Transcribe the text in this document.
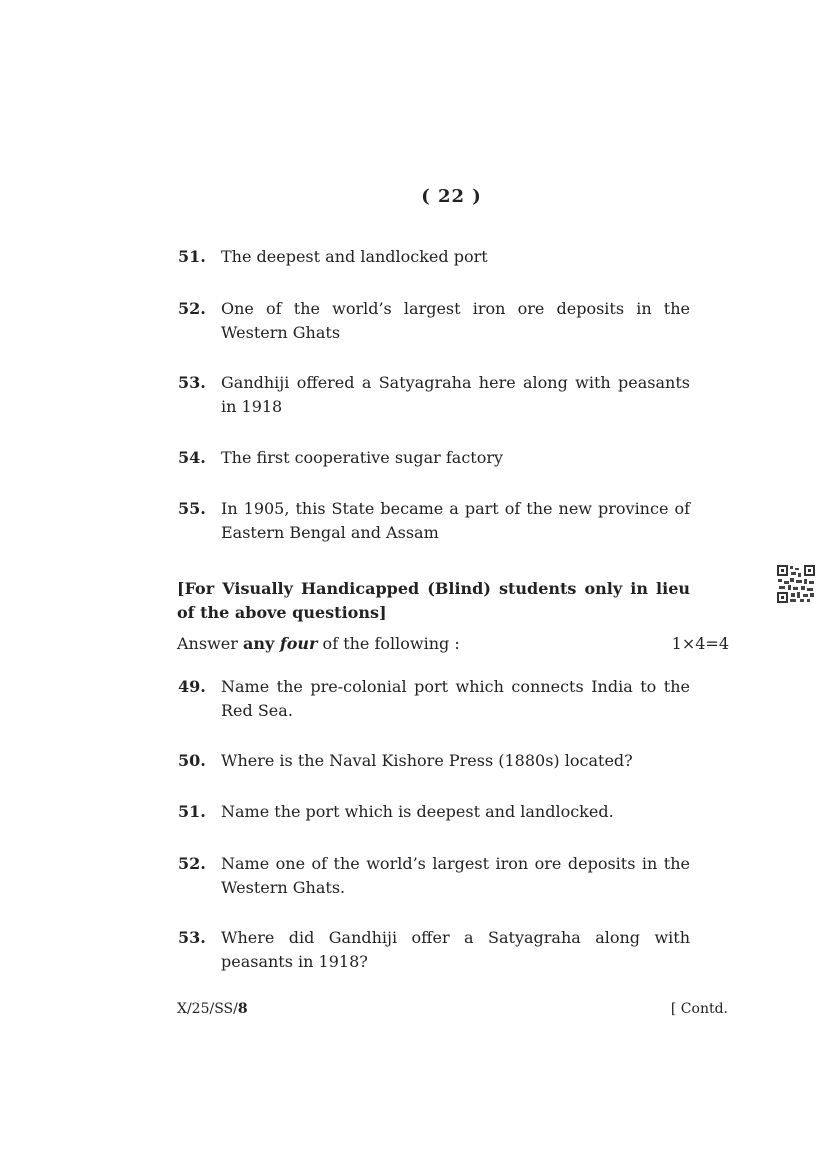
( 22 )
51. The deepest and landlocked port
52. One of the world’s largest iron ore deposits in the Western Ghats
53. Gandhiji offered a Satyagraha here along with peasants in 1918
54. The first cooperative sugar factory
55. In 1905, this State became a part of the new province of Eastern Bengal and Assam
[For Visually Handicapped (Blind) students only in lieu of the above questions]
Answer any four of the following :	1×4=4
49. Name the pre-colonial port which connects India to the Red Sea.
50. Where is the Naval Kishore Press (1880s) located?
51. Name the port which is deepest and landlocked.
52. Name one of the world’s largest iron ore deposits in the Western Ghats.
53. Where did Gandhiji offer a Satyagraha along with peasants in 1918?
X/25/SS/8	[ Contd.
